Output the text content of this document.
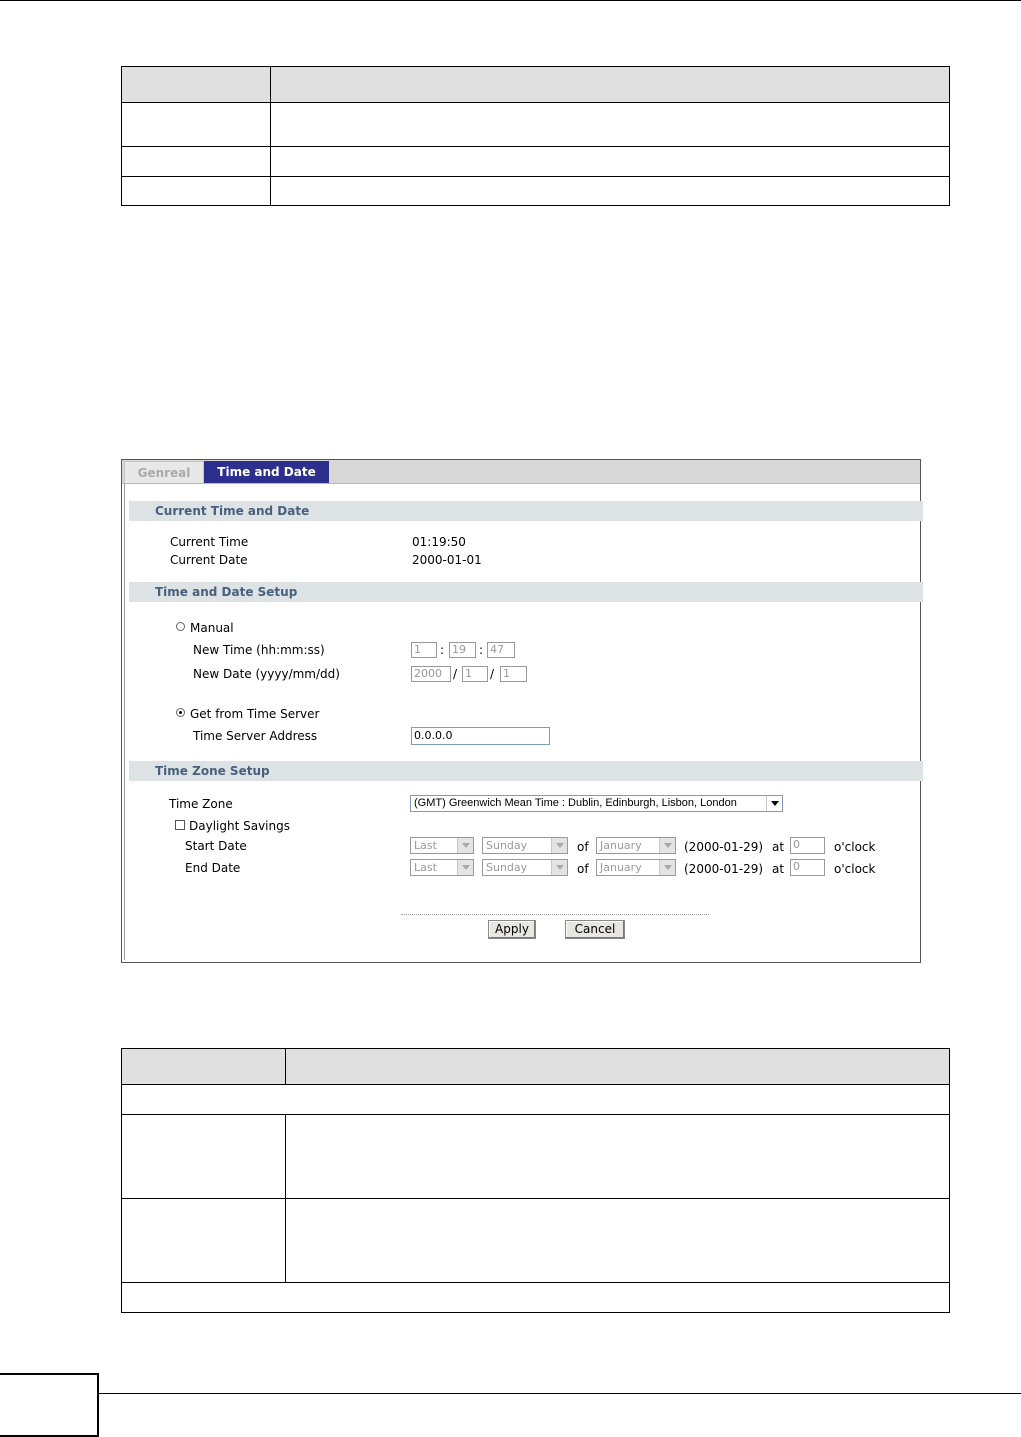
Genreal	Time and Date
Current Time and Date
Current Time	01:19:50
Current Date	2000-01-01
Time and Date Setup
Manual
New Time (hh:mm:ss)	1	: 19	: 47
New Date (yyyy/mm/dd)	2000 / 1	/ 1
Get from Time Server
Time Server Address	0.0.0.0
Time Zone Setup
Time Zone	(GMT) Greenwich Mean Time : Dublin, Edinburgh, Lisbon, London
Daylight Savings
Start Date	Last	Sunday	of	January	(2000-01-29) at 0	o'clock
End Date	Last	Sunday	of	January	(2000-01-29) at 0	o'clock
Apply	Cancel
